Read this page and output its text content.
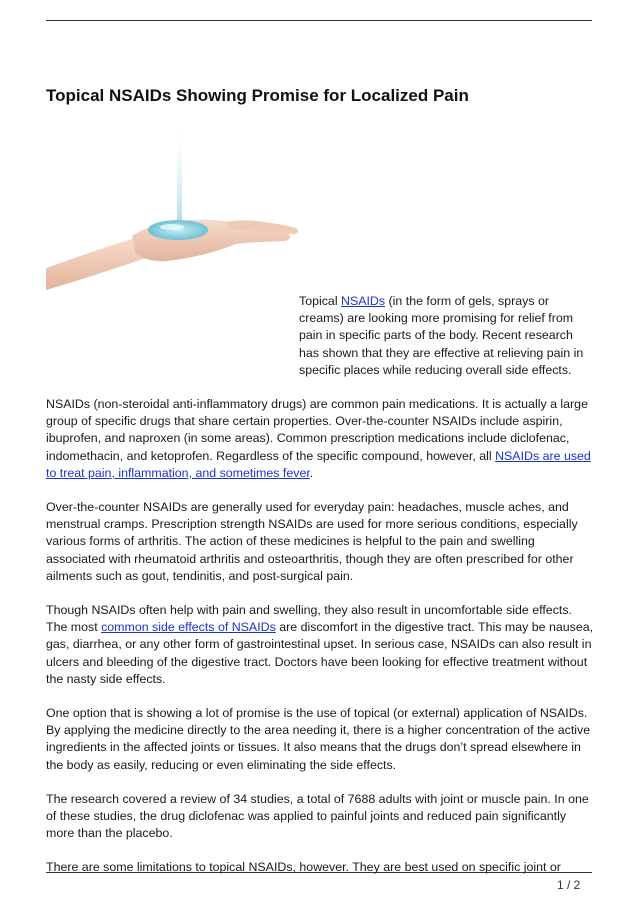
Topical NSAIDs Showing Promise for Localized Pain

Topical NSAIDs (in the form of gels, sprays or creams) are looking more promising for relief from pain in specific parts of the body. Recent research has shown that they are effective at relieving pain in specific places while reducing overall side effects.

NSAIDs (non-steroidal anti-inflammatory drugs) are common pain medications. It is actually a large group of specific drugs that share certain properties. Over-the-counter NSAIDs include aspirin, ibuprofen, and naproxen (in some areas). Common prescription medications include diclofenac, indomethacin, and ketoprofen. Regardless of the specific compound, however, all NSAIDs are used to treat pain, inflammation, and sometimes fever.

Over-the-counter NSAIDs are generally used for everyday pain: headaches, muscle aches, and menstrual cramps. Prescription strength NSAIDs are used for more serious conditions, especially various forms of arthritis. The action of these medicines is helpful to the pain and swelling associated with rheumatoid arthritis and osteoarthritis, though they are often prescribed for other ailments such as gout, tendinitis, and post-surgical pain.

Though NSAIDs often help with pain and swelling, they also result in uncomfortable side effects. The most common side effects of NSAIDs are discomfort in the digestive tract. This may be nausea, gas, diarrhea, or any other form of gastrointestinal upset. In serious case, NSAIDs can also result in ulcers and bleeding of the digestive tract. Doctors have been looking for effective treatment without the nasty side effects.

One option that is showing a lot of promise is the use of topical (or external) application of NSAIDs. By applying the medicine directly to the area needing it, there is a higher concentration of the active ingredients in the affected joints or tissues. It also means that the drugs don’t spread elsewhere in the body as easily, reducing or even eliminating the side effects.

The research covered a review of 34 studies, a total of 7688 adults with joint or muscle pain. In one of these studies, the drug diclofenac was applied to painful joints and reduced pain significantly more than the placebo.

There are some limitations to topical NSAIDs, however. They are best used on specific joint or

1 / 2
